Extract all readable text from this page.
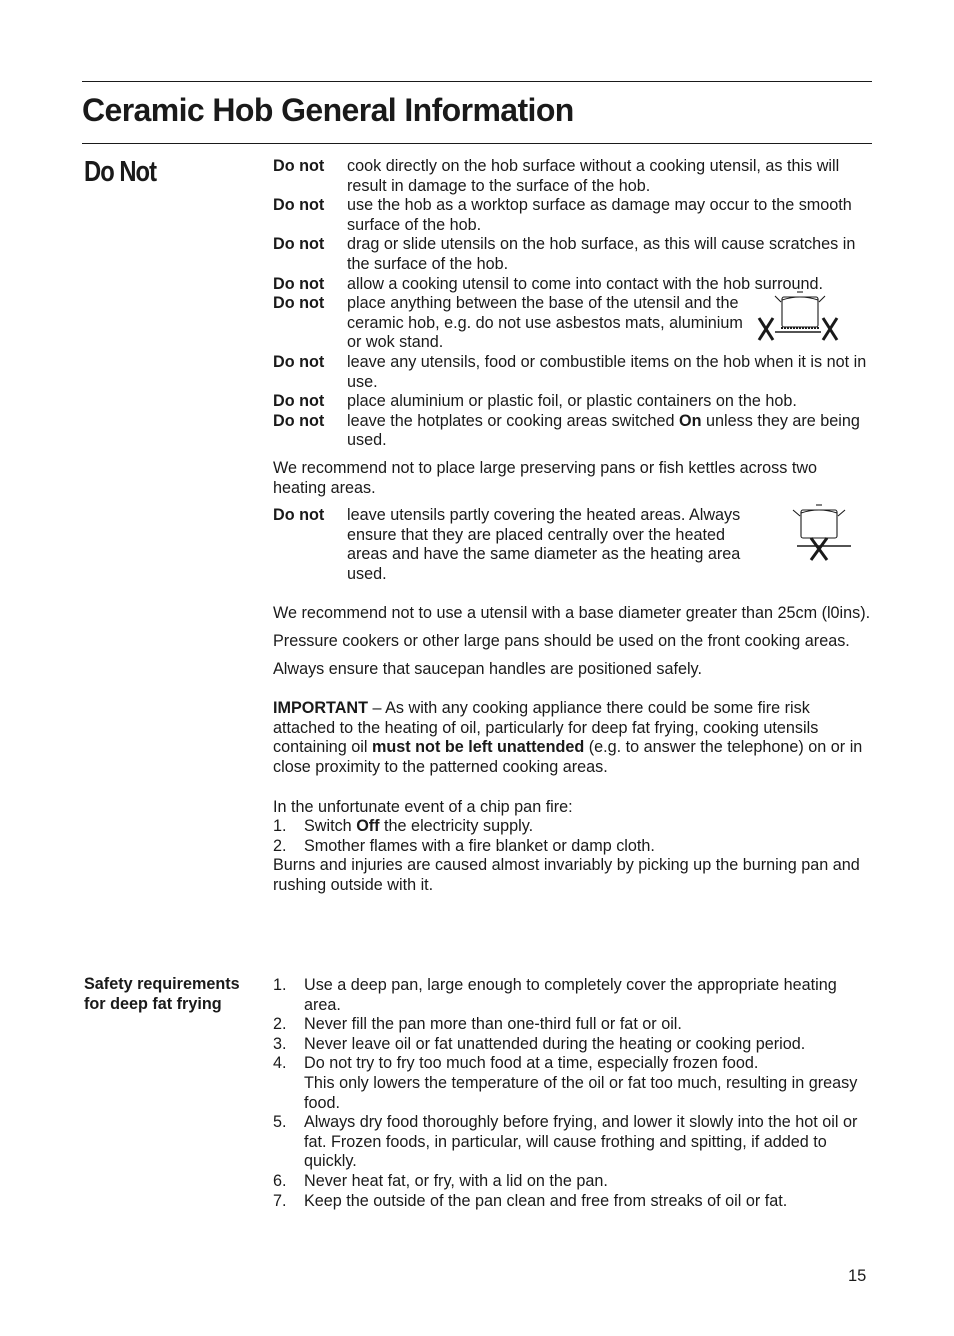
Ceramic Hob General Information
Do Not	Do not	cook directly on the hob surface without a cooking utensil, as this will result in damage to the surface of the hob.
Do not	use the hob as a worktop surface as damage may occur to the smooth surface of the hob.
Do not	drag or slide utensils on the hob surface, as this will cause scratches in the surface of the hob.
Do not	allow a cooking utensil to come into contact with the hob surround.
Do not	place anything between the base of the utensil and the ceramic hob, e.g. do not use asbestos mats, aluminium or wok stand.
Do not	leave any utensils, food or combustible items on the hob when it is not in use.
Do not	place aluminium or plastic foil, or plastic containers on the hob.
Do not	leave the hotplates or cooking areas switched On unless they are being used.

We recommend not to place large preserving pans or fish kettles across two heating areas.

Do not	leave utensils partly covering the heated areas. Always ensure that they are placed centrally over the heated areas and have the same diameter as the heating area used.

We recommend not to use a utensil with a base diameter greater than 25cm (l0ins).

Pressure cookers or other large pans should be used on the front cooking areas.

Always ensure that saucepan handles are positioned safely.

IMPORTANT – As with any cooking appliance there could be some fire risk attached to the heating of oil, particularly for deep fat frying, cooking utensils containing oil must not be left unattended (e.g. to answer the telephone) on or in close proximity to the patterned cooking areas.

In the unfortunate event of a chip pan fire:

1.	Switch Off the electricity supply.
2.	Smother flames with a fire blanket or damp cloth.

Burns and injuries are caused almost invariably by picking up the burning pan and rushing outside with it.

Safety requirements for deep fat frying
1.	Use a deep pan, large enough to completely cover the appropriate heating area.
2.	Never fill the pan more than one-third full or fat or oil.
3.	Never leave oil or fat unattended during the heating or cooking period.
4.	Do not try to fry too much food at a time, especially frozen food.
This only lowers the temperature of the oil or fat too much, resulting in greasy food.
5.	Always dry food thoroughly before frying, and lower it slowly into the hot oil or fat. Frozen foods, in particular, will cause frothing and spitting, if added to quickly.
6.	Never heat fat, or fry, with a lid on the pan.
7.	Keep the outside of the pan clean and free from streaks of oil or fat.
15
